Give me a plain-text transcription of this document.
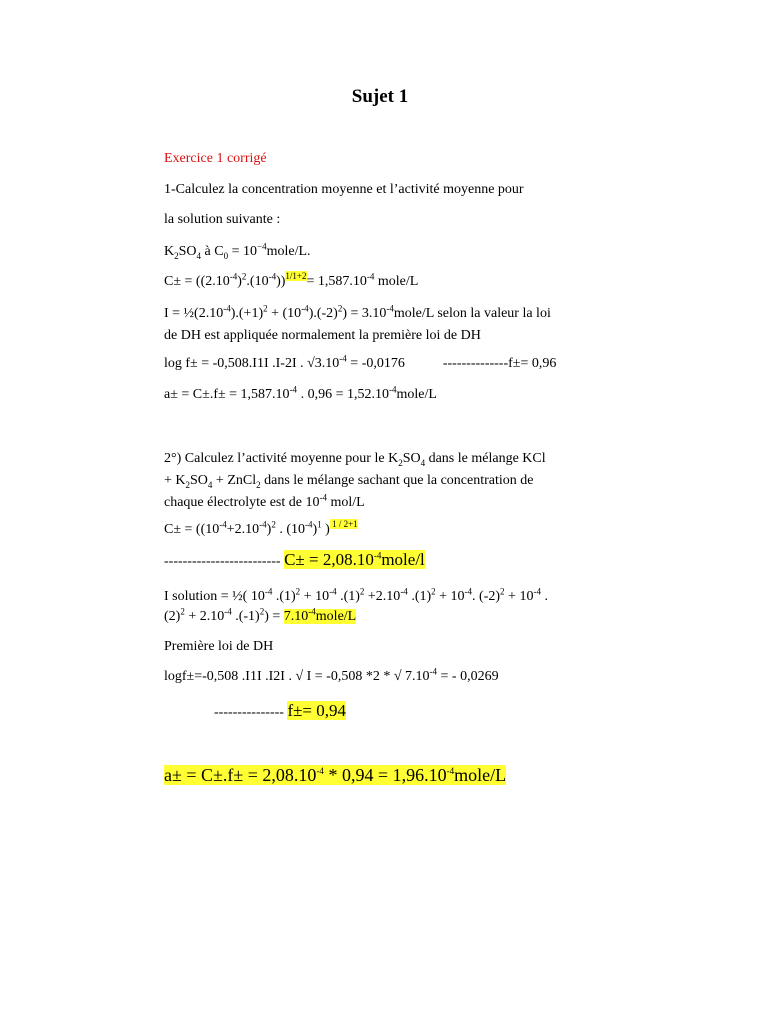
Sujet 1
Exercice 1 corrigé
1-Calculez la concentration moyenne et l’activité moyenne pour
la solution suivante :
$K_2SO_4$ à $C_0$ = $10^{-4}mole/L$.
$C\pm = ((2.10^{-4})^2.(10^{-4}))^{1/1+2}= 1,587.10^{-4}$ mole/L
$I = \frac{1}{2}(2.10^{-4}).(+1)^2 + (10^{-4}).(-2)^2$) = $3.10^{-4}mole/L$ selon la valeur la loi
de DH est appliquée normalement la première loi de DH
log f± = -0,508.I1I .I-2I . $√3.10^{-4} = -0,0176$	--------------f±= 0,96
$a\pm = C\pm.f\pm = 1,587.10^{-4}$ . $0,96 = 1,52.10^{-4}mole/L$
2°) Calculez l’activité moyenne pour le $K_2SO_4$ dans le mélange KCl
+ $K_2SO_4$ + ZnCl$_2$ dans le mélange sachant que la concentration de
chaque électrolyte est de $10^{-4}$ mol/L
$C\pm = ((10^{-4}+2.10^{-4})^2$ . $(10^{-4})^1$ ) $^{1 / 2+1}$
------------------------- $C\pm = 2,08.10^{-4}mole/l$
I solution = ½( $10^{-4}$ $.(1)^2 + 10^{-4}$ $.(1)^2 +2.10^{-4}$ $.(1)^2 + 10^{-4}$. $(-2)^2 + 10^{-4}$ .
$(2)^2 + 2.10^{-4}$ $.(-1)^2$) = $7.10^{-4}mole/L$
Première loi de DH
logf±=-0,508 .I1I .I2I . √ I = -0,508 *2 * √ $7.10^{-4}$ = - 0,0269
--------------- f±= 0,94
$a\pm = C\pm.f\pm = 2,08.10^{-4} * 0,94$ = $1,96.10^{-4}mole/L$
